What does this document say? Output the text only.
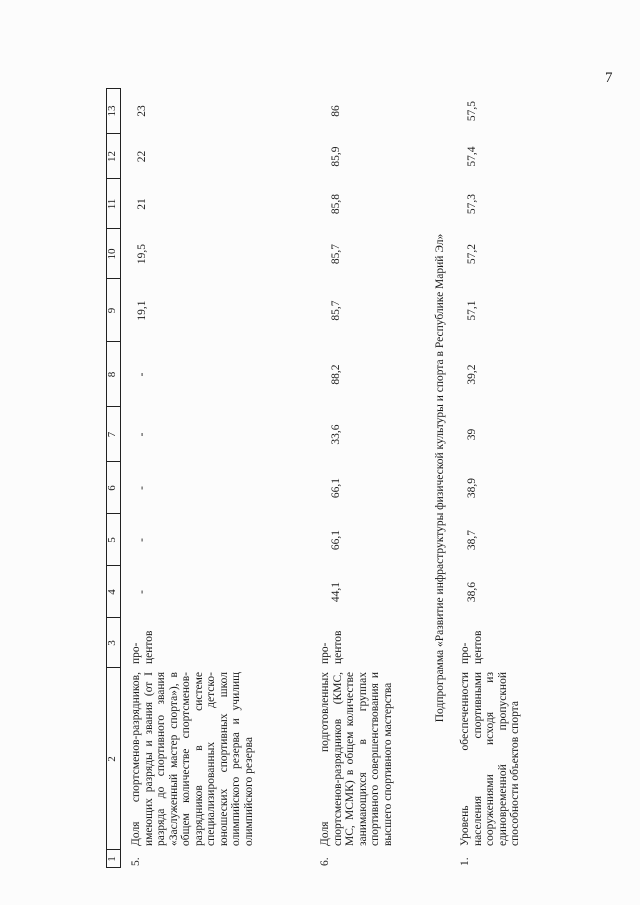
7
1
2
3
4
5
6
7
8
9
10
11
12
13
5.
Доля спортсменов-разрядников, имеющих разряды и звания (от I разряда до спортивного звания «Заслуженный мастер спорта»), в общем количестве спортсменов-разрядников в системе специализированных детско-юношеских спортивных школ олимпийского резерва и училищ олимпийского резерва
про-центов
-
-
-
-
-
19,1
19,5
21
22
23
6.
Доля подготовленных спортсменов-разрядников (КМС, МС, МСМК) в общем количестве занимающихся в группах спортивного совершенствования и высшего спортивного мастерства
про-центов
44,1
66,1
66,1
33,6
88,2
85,7
85,7
85,8
85,9
86
Подпрограмма «Развитие инфраструктуры физической культуры и спорта в Республике Марий Эл»
1.
Уровень обеспеченности населения спортивными сооружениями исходя из единовременной пропускной способности объектов спорта
про-центов
38,6
38,7
38,9
39
39,2
57,1
57,2
57,3
57,4
57,5
